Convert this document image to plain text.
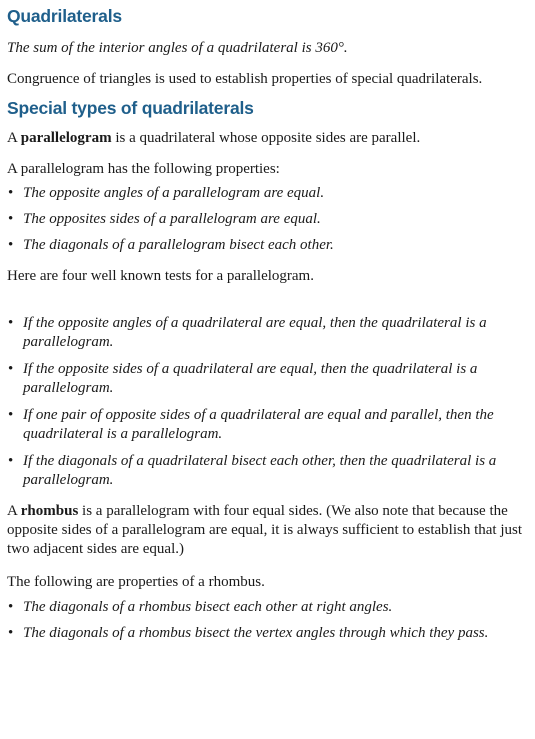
Quadrilaterals

The sum of the interior angles of a quadrilateral is 360°.

Congruence of triangles is used to establish properties of special quadrilaterals.

Special types of quadrilaterals

A parallelogram is a quadrilateral whose opposite sides are parallel.

A parallelogram has the following properties:

• The opposite angles of a parallelogram are equal.
• The opposites sides of a parallelogram are equal.
• The diagonals of a parallelogram bisect each other.

Here are four well known tests for a parallelogram.

• If the opposite angles of a quadrilateral are equal, then the quadrilateral is a parallelogram.
• If the opposite sides of a quadrilateral are equal, then the quadrilateral is a parallelogram.
• If one pair of opposite sides of a quadrilateral are equal and parallel, then the quadrilateral is a parallelogram.
• If the diagonals of a quadrilateral bisect each other, then the quadrilateral is a parallelogram.

A rhombus is a parallelogram with four equal sides. (We also note that because the opposite sides of a parallelogram are equal, it is always sufficient to establish that just two adjacent sides are equal.)

The following are properties of a rhombus.

• The diagonals of a rhombus bisect each other at right angles.
• The diagonals of a rhombus bisect the vertex angles through which they pass.
